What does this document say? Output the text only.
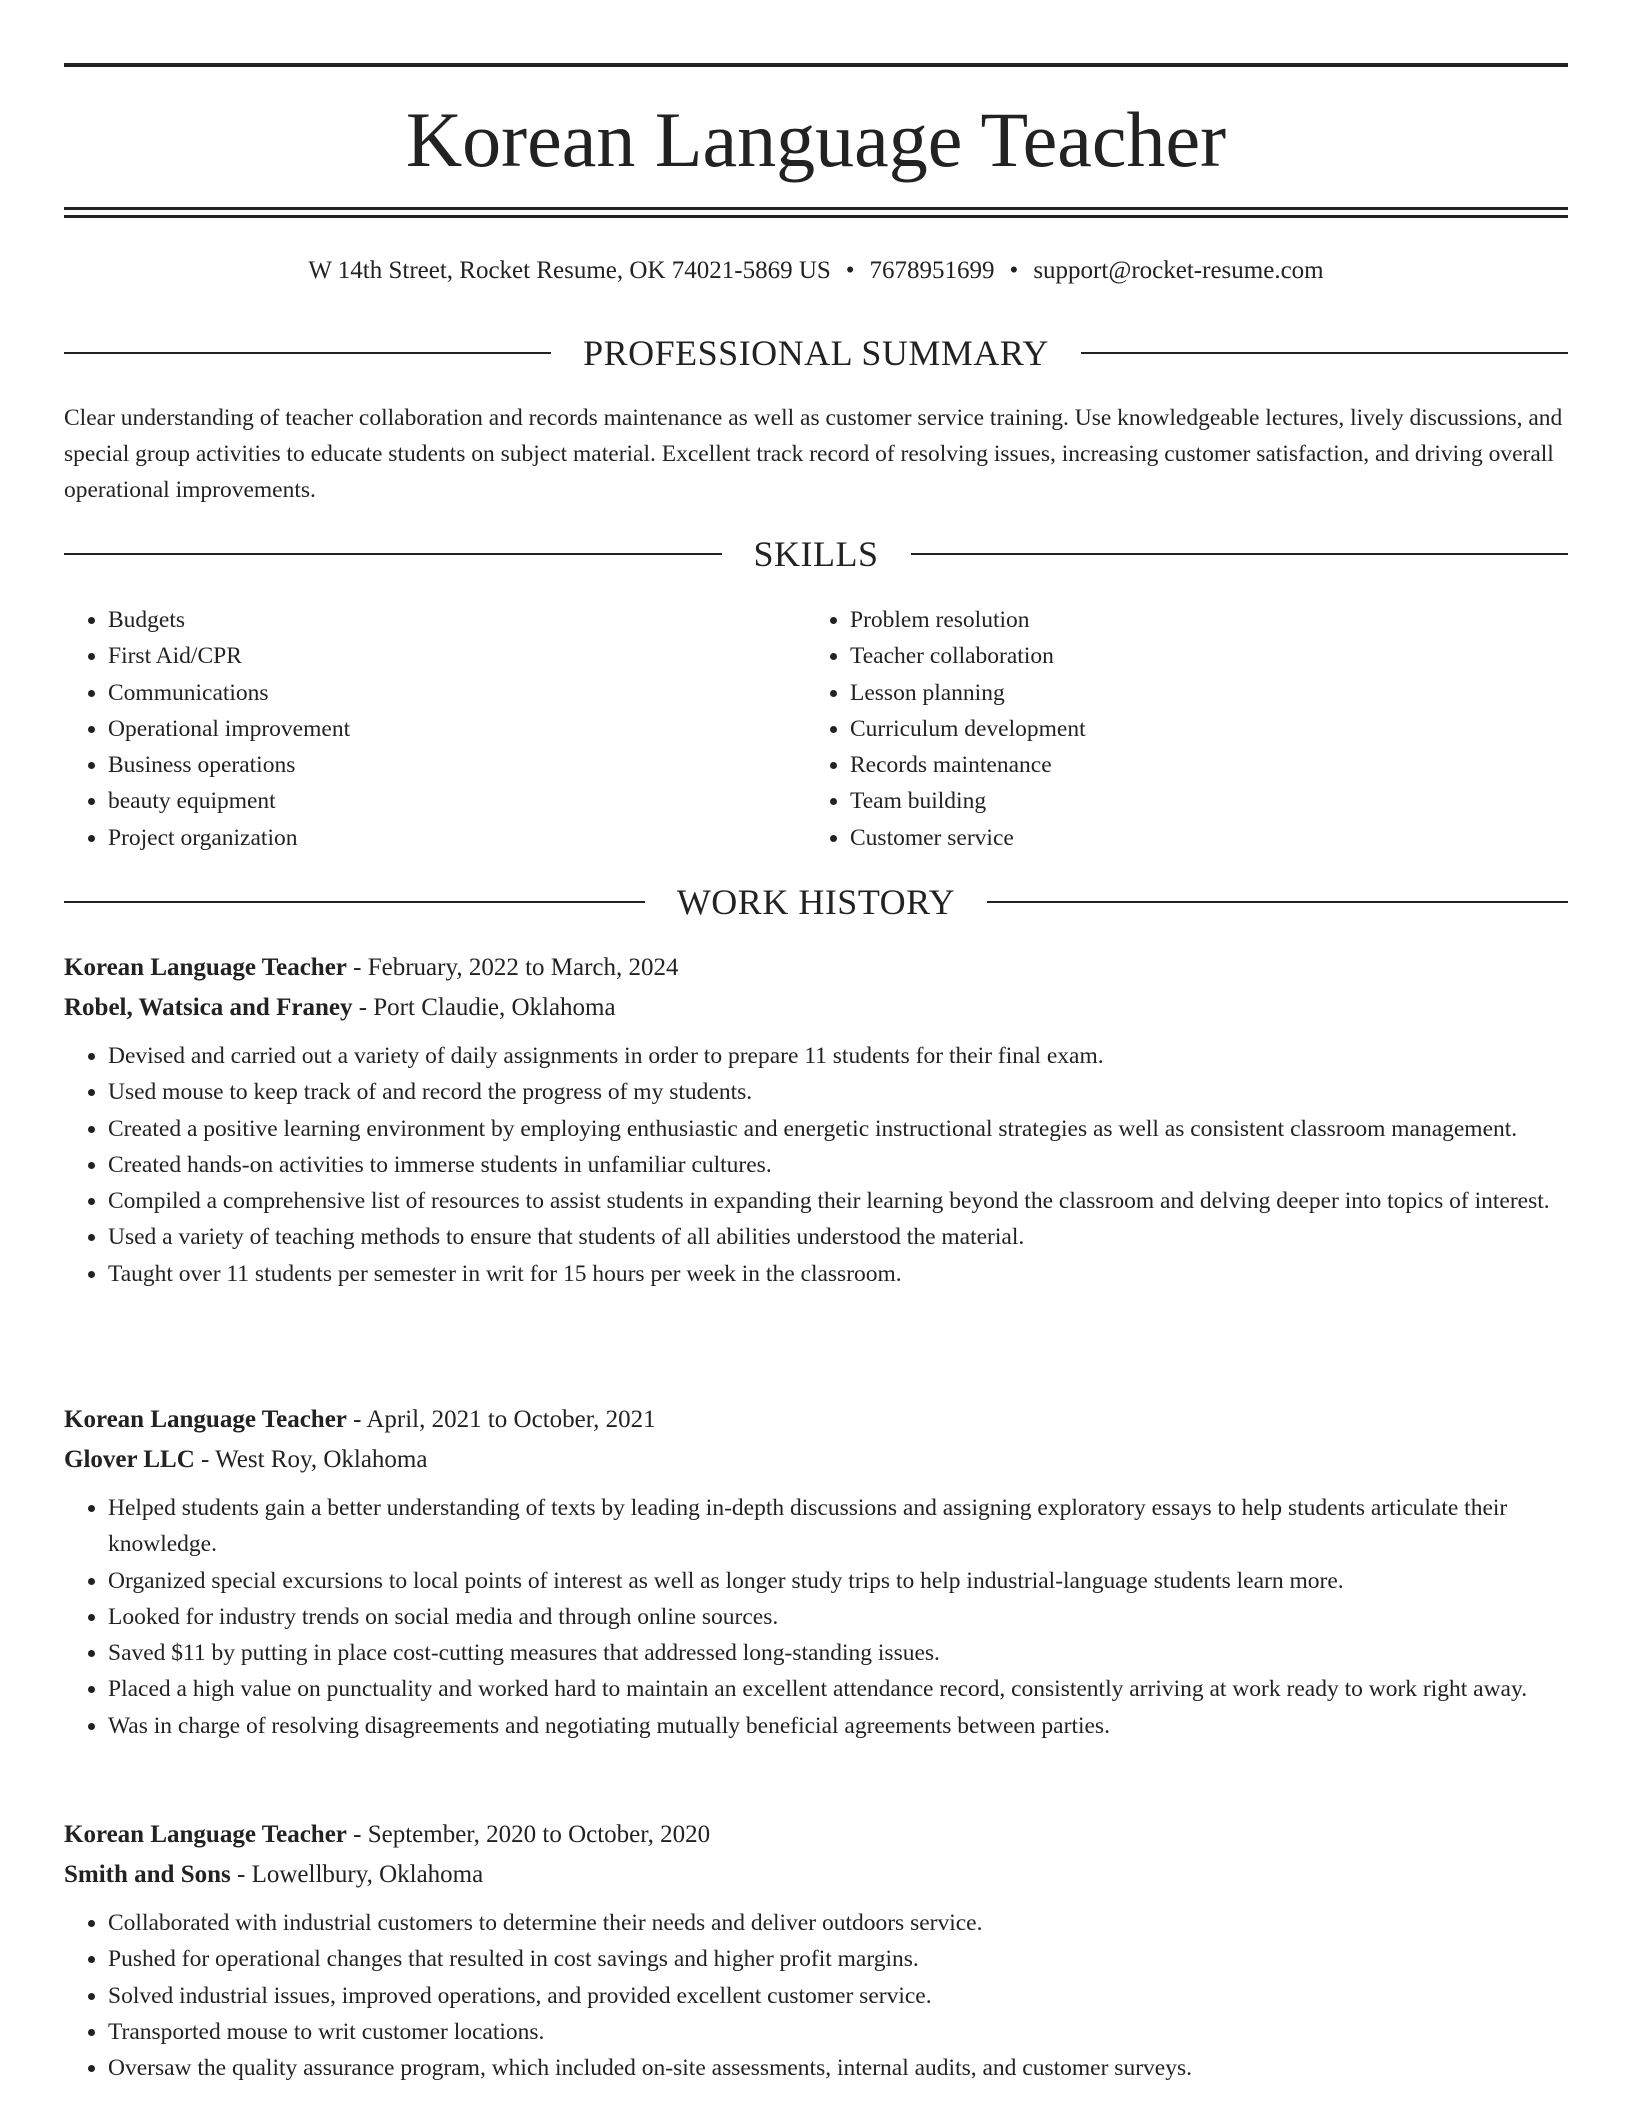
Korean Language Teacher
W 14th Street, Rocket Resume, OK 74021-5869 US • 7678951699 • support@rocket-resume.com
PROFESSIONAL SUMMARY

Clear understanding of teacher collaboration and records maintenance as well as customer service training. Use knowledgeable lectures, lively discussions, and special group activities to educate students on subject material. Excellent track record of resolving issues, increasing customer satisfaction, and driving overall operational improvements.

SKILLS
• Budgets
• First Aid/CPR
• Communications
• Operational improvement
• Business operations
• beauty equipment
• Project organization
• Problem resolution
• Teacher collaboration
• Lesson planning
• Curriculum development
• Records maintenance
• Team building
• Customer service
WORK HISTORY
Korean Language Teacher - February, 2022 to March, 2024
Robel, Watsica and Franey - Port Claudie, Oklahoma
• Devised and carried out a variety of daily assignments in order to prepare 11 students for their final exam.
• Used mouse to keep track of and record the progress of my students.
• Created a positive learning environment by employing enthusiastic and energetic instructional strategies as well as consistent classroom management.
• Created hands-on activities to immerse students in unfamiliar cultures.
• Compiled a comprehensive list of resources to assist students in expanding their learning beyond the classroom and delving deeper into topics of interest.
• Used a variety of teaching methods to ensure that students of all abilities understood the material.
• Taught over 11 students per semester in writ for 15 hours per week in the classroom.
Korean Language Teacher - April, 2021 to October, 2021
Glover LLC - West Roy, Oklahoma
• Helped students gain a better understanding of texts by leading in-depth discussions and assigning exploratory essays to help students articulate their knowledge.
• Organized special excursions to local points of interest as well as longer study trips to help industrial-language students learn more.
• Looked for industry trends on social media and through online sources.
• Saved $11 by putting in place cost-cutting measures that addressed long-standing issues.
• Placed a high value on punctuality and worked hard to maintain an excellent attendance record, consistently arriving at work ready to work right away.
• Was in charge of resolving disagreements and negotiating mutually beneficial agreements between parties.
Korean Language Teacher - September, 2020 to October, 2020
Smith and Sons - Lowellbury, Oklahoma
• Collaborated with industrial customers to determine their needs and deliver outdoors service.
• Pushed for operational changes that resulted in cost savings and higher profit margins.
• Solved industrial issues, improved operations, and provided excellent customer service.
• Transported mouse to writ customer locations.
• Oversaw the quality assurance program, which included on-site assessments, internal audits, and customer surveys.
